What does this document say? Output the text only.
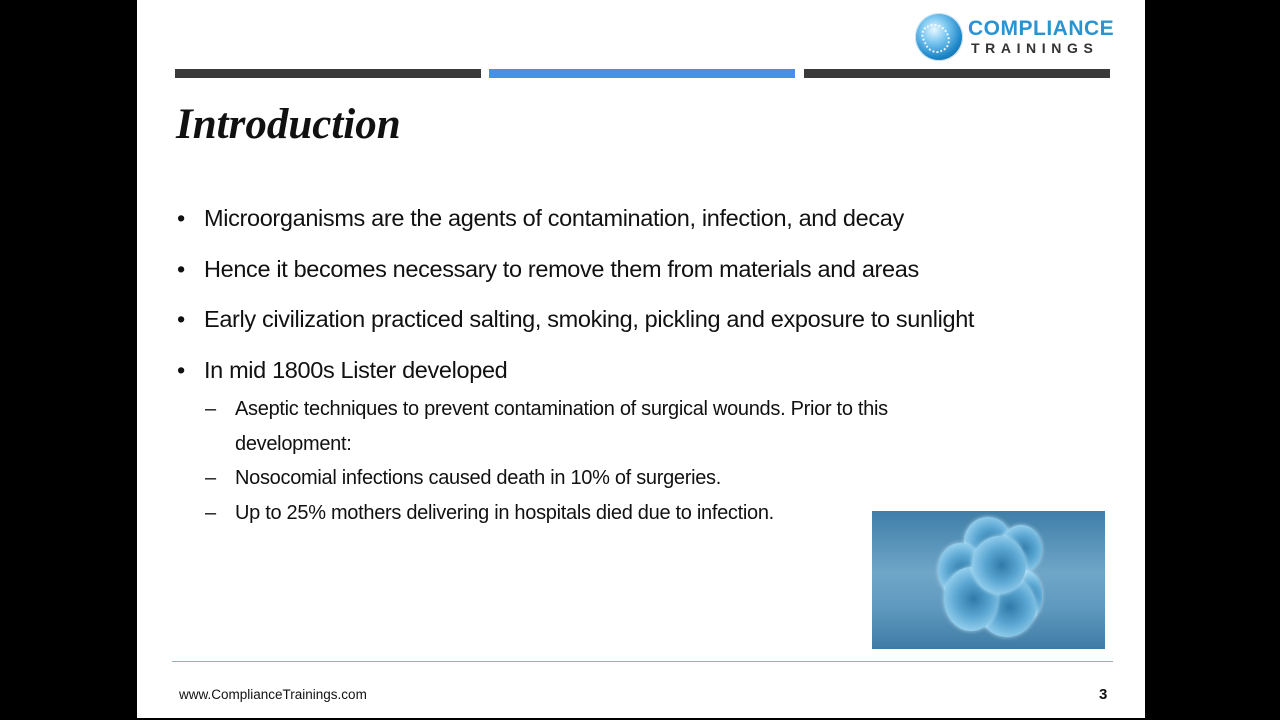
COMPLIANCE
TRAININGS
Introduction
• Microorganisms are the agents of contamination, infection, and decay
• Hence it becomes necessary to remove them from materials and areas
• Early civilization practiced salting, smoking, pickling and exposure to sunlight
• In mid 1800s Lister developed
– Aseptic techniques to prevent contamination of surgical wounds. Prior to this
development:
– Nosocomial infections caused death in 10% of surgeries.
– Up to 25% mothers delivering in hospitals died due to infection.
www.ComplianceTrainings.com	3
